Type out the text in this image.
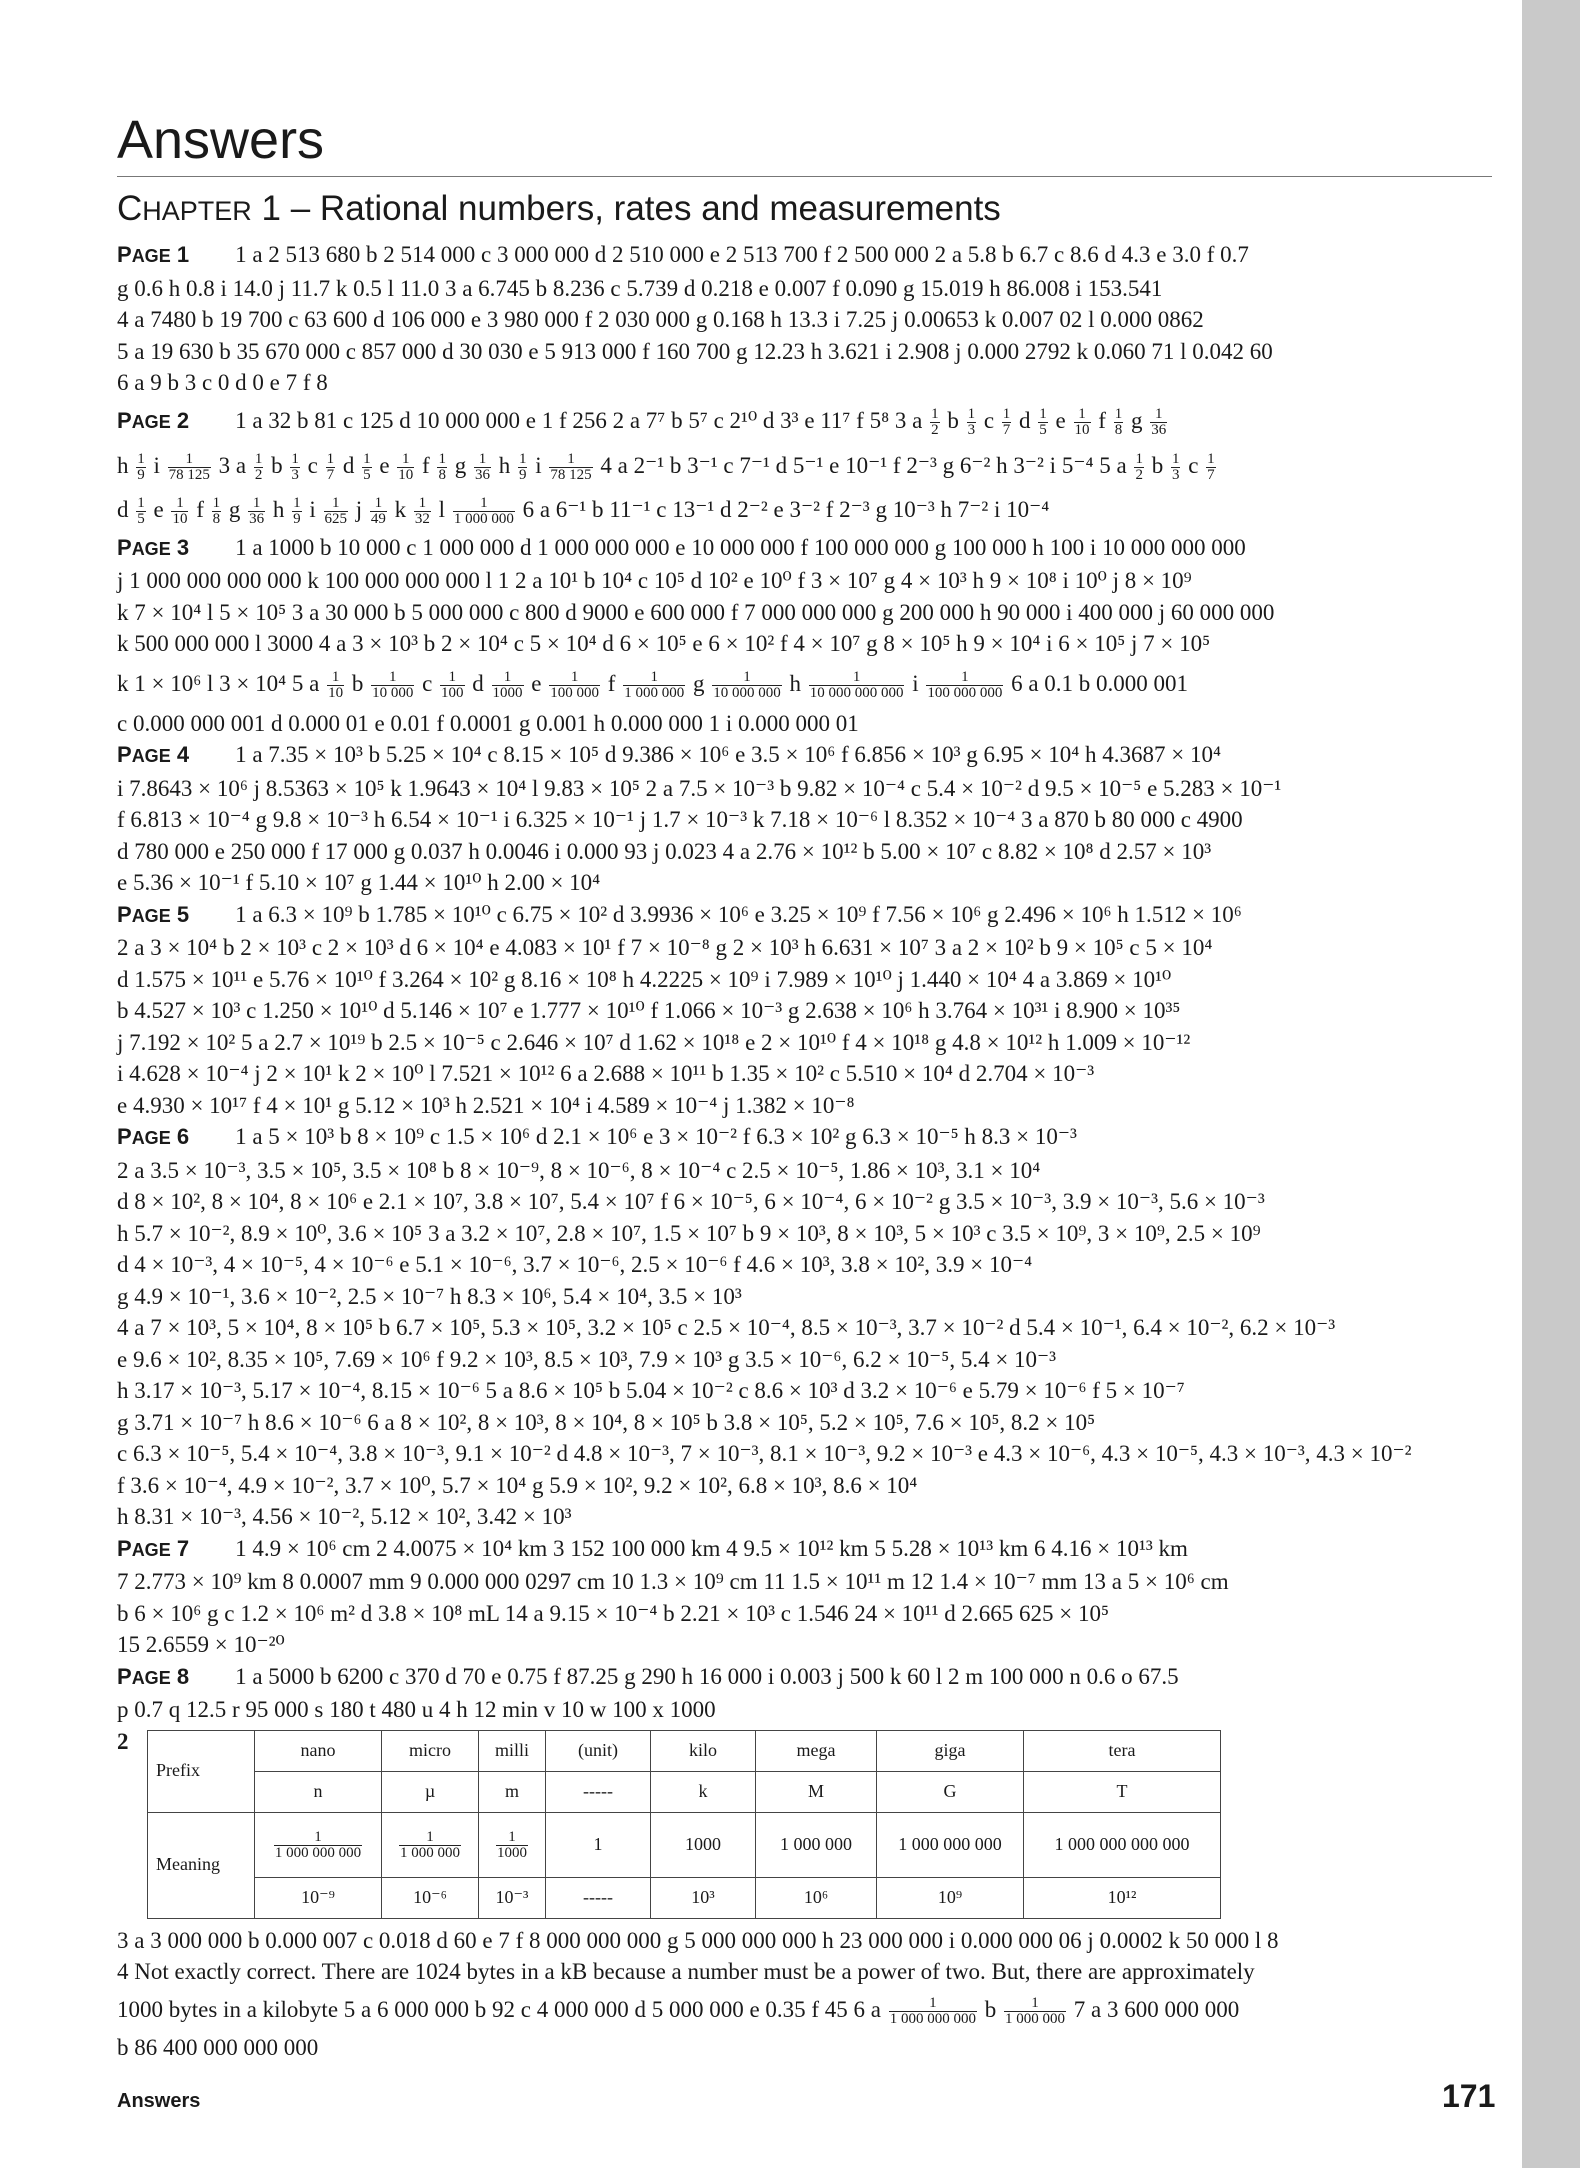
Answers
CHAPTER 1 – Rational numbers, rates and measurements
PAGE 1 1 a 2 513 680 b 2 514 000 c 3 000 000 d 2 510 000 e 2 513 700 f 2 500 000 2 a 5.8 b 6.7 c 8.6 d 4.3 e 3.0 f 0.7
g 0.6 h 0.8 i 14.0 j 11.7 k 0.5 l 11.0 3 a 6.745 b 8.236 c 5.739 d 0.218 e 0.007 f 0.090 g 15.019 h 86.008 i 153.541
4 a 7480 b 19 700 c 63 600 d 106 000 e 3 980 000 f 2 030 000 g 0.168 h 13.3 i 7.25 j 0.00653 k 0.007 02 l 0.000 0862
5 a 19 630 b 35 670 000 c 857 000 d 30 030 e 5 913 000 f 160 700 g 12.23 h 3.621 i 2.908 j 0.000 2792 k 0.060 71 l 0.042 60
6 a 9 b 3 c 0 d 0 e 7 f 8
PAGE 2 1 a 32 b 81 c 125 d 10 000 000 e 1 f 256 2 a 7⁷ b 5⁷ c 2¹⁰ d 3³ e 11⁷ f 5⁸ 3 a $\frac{1}{2}$ b $\frac{1}{3}$ c $\frac{1}{7}$ d $\frac{1}{5}$ e $\frac{1}{10}$ f $\frac{1}{8}$ g $\frac{1}{36}$
h $\frac{1}{9}$ i $\frac{1}{78 125} 3$ a $\frac{1}{2}$ b $\frac{1}{3}$ c $\frac{1}{7}$ d $\frac{1}{5}$ e $\frac{1}{10}$ f $\frac{1}{8}$ g $\frac{1}{36}$ h $\frac{1}{9}$ i $\frac{1}{78 125} 4$ a 2⁻¹ b 3⁻¹ c 7⁻¹ d 5⁻¹ e 10⁻¹ f 2⁻³ g 6⁻² h 3⁻² i 5⁻⁴ 5 a $\frac{1}{2}$ b $\frac{1}{3}$ c $\frac{1}{7}$
d $\frac{1}{5}$ e $\frac{1}{10}$ f $\frac{1}{8}$ g $\frac{1}{36}$ h $\frac{1}{9}$ i $\frac{1}{625}$ j $\frac{1}{49}$ k $\frac{1}{32}$ l $\frac{1}{1 000 000} 6$ a 6⁻¹ b 11⁻¹ c 13⁻¹ d 2⁻² e 3⁻² f 2⁻³ g 10⁻³ h 7⁻² i 10⁻⁴
PAGE 3 1 a 1000 b 10 000 c 1 000 000 d 1 000 000 000 e 10 000 000 f 100 000 000 g 100 000 h 100 i 10 000 000 000
j 1 000 000 000 000 k 100 000 000 000 l 1 2 a 10¹ b 10⁴ c 10⁵ d 10² e 10⁰ f 3 × 10⁷ g 4 × 10³ h 9 × 10⁸ i 10⁰ j 8 × 10⁹
k 7 × 10⁴ l 5 × 10⁵ 3 a 30 000 b 5 000 000 c 800 d 9000 e 600 000 f 7 000 000 000 g 200 000 h 90 000 i 400 000 j 60 000 000
k 500 000 000 l 3000 4 a 3 × 10³ b 2 × 10⁴ c 5 × 10⁴ d 6 × 10⁵ e 6 × 10² f 4 × 10⁷ g 8 × 10⁵ h 9 × 10⁴ i 6 × 10⁵ j 7 × 10⁵
k 1 × 10⁶ l 3 × 10⁴ 5 a $\frac{1}{10}$ b $\frac{1}{10 000}$ c $\frac{1}{100}$ d $\frac{1}{1000}$ e $\frac{1}{100 000}$ f $\frac{1}{1 000 000}$ g $\frac{1}{10 000 000}$ h $\frac{1}{10 000 000 000}$ i $\frac{1}{100 000 000} 6$ a 0.1 b 0.000 001
c 0.000 000 001 d 0.000 01 e 0.01 f 0.0001 g 0.001 h 0.000 000 1 i 0.000 000 01
PAGE 4 1 a 7.35 × 10³ b 5.25 × 10⁴ c 8.15 × 10⁵ d 9.386 × 10⁶ e 3.5 × 10⁶ f 6.856 × 10³ g 6.95 × 10⁴ h 4.3687 × 10⁴
i 7.8643 × 10⁶ j 8.5363 × 10⁵ k 1.9643 × 10⁴ l 9.83 × 10⁵ 2 a 7.5 × 10⁻³ b 9.82 × 10⁻⁴ c 5.4 × 10⁻² d 9.5 × 10⁻⁵ e 5.283 × 10⁻¹
f 6.813 × 10⁻⁴ g 9.8 × 10⁻³ h 6.54 × 10⁻¹ i 6.325 × 10⁻¹ j 1.7 × 10⁻³ k 7.18 × 10⁻⁶ l 8.352 × 10⁻⁴ 3 a 870 b 80 000 c 4900
d 780 000 e 250 000 f 17 000 g 0.037 h 0.0046 i 0.000 93 j 0.023 4 a 2.76 × 10¹² b 5.00 × 10⁷ c 8.82 × 10⁸ d 2.57 × 10³
e 5.36 × 10⁻¹ f 5.10 × 10⁷ g 1.44 × 10¹⁰ h 2.00 × 10⁴
PAGE 5 1 a 6.3 × 10⁹ b 1.785 × 10¹⁰ c 6.75 × 10² d 3.9936 × 10⁶ e 3.25 × 10⁹ f 7.56 × 10⁶ g 2.496 × 10⁶ h 1.512 × 10⁶
2 a 3 × 10⁴ b 2 × 10³ c 2 × 10³ d 6 × 10⁴ e 4.083 × 10¹ f 7 × 10⁻⁸ g 2 × 10³ h 6.631 × 10⁷ 3 a 2 × 10² b 9 × 10⁵ c 5 × 10⁴
d 1.575 × 10¹¹ e 5.76 × 10¹⁰ f 3.264 × 10² g 8.16 × 10⁸ h 4.2225 × 10⁹ i 7.989 × 10¹⁰ j 1.440 × 10⁴ 4 a 3.869 × 10¹⁰
b 4.527 × 10³ c 1.250 × 10¹⁰ d 5.146 × 10⁷ e 1.777 × 10¹⁰ f 1.066 × 10⁻³ g 2.638 × 10⁶ h 3.764 × 10³¹ i 8.900 × 10³⁵
j 7.192 × 10² 5 a 2.7 × 10¹⁹ b 2.5 × 10⁻⁵ c 2.646 × 10⁷ d 1.62 × 10¹⁸ e 2 × 10¹⁰ f 4 × 10¹⁸ g 4.8 × 10¹² h 1.009 × 10⁻¹²
i 4.628 × 10⁻⁴ j 2 × 10¹ k 2 × 10⁰ l 7.521 × 10¹² 6 a 2.688 × 10¹¹ b 1.35 × 10² c 5.510 × 10⁴ d 2.704 × 10⁻³
e 4.930 × 10¹⁷ f 4 × 10¹ g 5.12 × 10³ h 2.521 × 10⁴ i 4.589 × 10⁻⁴ j 1.382 × 10⁻⁸
PAGE 6 1 a 5 × 10³ b 8 × 10⁹ c 1.5 × 10⁶ d 2.1 × 10⁶ e 3 × 10⁻² f 6.3 × 10² g 6.3 × 10⁻⁵ h 8.3 × 10⁻³
2 a 3.5 × 10⁻³, 3.5 × 10⁵, 3.5 × 10⁸ b 8 × 10⁻⁹, 8 × 10⁻⁶, 8 × 10⁻⁴ c 2.5 × 10⁻⁵, 1.86 × 10³, 3.1 × 10⁴
d 8 × 10², 8 × 10⁴, 8 × 10⁶ e 2.1 × 10⁷, 3.8 × 10⁷, 5.4 × 10⁷ f 6 × 10⁻⁵, 6 × 10⁻⁴, 6 × 10⁻² g 3.5 × 10⁻³, 3.9 × 10⁻³, 5.6 × 10⁻³
h 5.7 × 10⁻², 8.9 × 10⁰, 3.6 × 10⁵ 3 a 3.2 × 10⁷, 2.8 × 10⁷, 1.5 × 10⁷ b 9 × 10³, 8 × 10³, 5 × 10³ c 3.5 × 10⁹, 3 × 10⁹, 2.5 × 10⁹
d 4 × 10⁻³, 4 × 10⁻⁵, 4 × 10⁻⁶ e 5.1 × 10⁻⁶, 3.7 × 10⁻⁶, 2.5 × 10⁻⁶ f 4.6 × 10³, 3.8 × 10², 3.9 × 10⁻⁴
g 4.9 × 10⁻¹, 3.6 × 10⁻², 2.5 × 10⁻⁷ h 8.3 × 10⁶, 5.4 × 10⁴, 3.5 × 10³
4 a 7 × 10³, 5 × 10⁴, 8 × 10⁵ b 6.7 × 10⁵, 5.3 × 10⁵, 3.2 × 10⁵ c 2.5 × 10⁻⁴, 8.5 × 10⁻³, 3.7 × 10⁻² d 5.4 × 10⁻¹, 6.4 × 10⁻², 6.2 × 10⁻³
e 9.6 × 10², 8.35 × 10⁵, 7.69 × 10⁶ f 9.2 × 10³, 8.5 × 10³, 7.9 × 10³ g 3.5 × 10⁻⁶, 6.2 × 10⁻⁵, 5.4 × 10⁻³
h 3.17 × 10⁻³, 5.17 × 10⁻⁴, 8.15 × 10⁻⁶ 5 a 8.6 × 10⁵ b 5.04 × 10⁻² c 8.6 × 10³ d 3.2 × 10⁻⁶ e 5.79 × 10⁻⁶ f 5 × 10⁻⁷
g 3.71 × 10⁻⁷ h 8.6 × 10⁻⁶ 6 a 8 × 10², 8 × 10³, 8 × 10⁴, 8 × 10⁵ b 3.8 × 10⁵, 5.2 × 10⁵, 7.6 × 10⁵, 8.2 × 10⁵
c 6.3 × 10⁻⁵, 5.4 × 10⁻⁴, 3.8 × 10⁻³, 9.1 × 10⁻² d 4.8 × 10⁻³, 7 × 10⁻³, 8.1 × 10⁻³, 9.2 × 10⁻³ e 4.3 × 10⁻⁶, 4.3 × 10⁻⁵, 4.3 × 10⁻³, 4.3 × 10⁻²
f 3.6 × 10⁻⁴, 4.9 × 10⁻², 3.7 × 10⁰, 5.7 × 10⁴ g 5.9 × 10², 9.2 × 10², 6.8 × 10³, 8.6 × 10⁴
h 8.31 × 10⁻³, 4.56 × 10⁻², 5.12 × 10², 3.42 × 10³
PAGE 7 1 4.9 × 10⁶ cm 2 4.0075 × 10⁴ km 3 152 100 000 km 4 9.5 × 10¹² km 5 5.28 × 10¹³ km 6 4.16 × 10¹³ km
7 2.773 × 10⁹ km 8 0.0007 mm 9 0.000 000 0297 cm 10 1.3 × 10⁹ cm 11 1.5 × 10¹¹ m 12 1.4 × 10⁻⁷ mm 13 a 5 × 10⁶ cm
b 6 × 10⁶ g c 1.2 × 10⁶ m² d 3.8 × 10⁸ mL 14 a 9.15 × 10⁻⁴ b 2.21 × 10³ c 1.546 24 × 10¹¹ d 2.665 625 × 10⁵
15 2.6559 × 10⁻²⁰
PAGE 8 1 a 5000 b 6200 c 370 d 70 e 0.75 f 87.25 g 290 h 16 000 i 0.003 j 500 k 60 l 2 m 100 000 n 0.6 o 67.5
p 0.7 q 12.5 r 95 000 s 180 t 480 u 4 h 12 min v 10 w 100 x 1000
2
Prefix	nano	micro	milli	(unit)	kilo	mega	giga	tera
	n	µ	m	-----	k	M	G	T
Meaning	$\frac{1}{1 000 000 000}$	$\frac{1}{1 000 000}$	$\frac{1}{1000}$	1	1000	1 000 000	1 000 000 000	1 000 000 000 000
	10⁻⁹	10⁻⁶	10⁻³	-----	10³	10⁶	10⁹	10¹²
3 a 3 000 000 b 0.000 007 c 0.018 d 60 e 7 f 8 000 000 000 g 5 000 000 000 h 23 000 000 i 0.000 000 06 j 0.0002 k 50 000 l 8
4 Not exactly correct. There are 1024 bytes in a kB because a number must be a power of two. But, there are approximately
1000 bytes in a kilobyte 5 a 6 000 000 b 92 c 4 000 000 d 5 000 000 e 0.35 f 45 6 a $\frac{1}{1 000 000 000}$ b $\frac{1}{1 000 000} 7$ a 3 600 000 000
b 86 400 000 000 000
Answers	171
